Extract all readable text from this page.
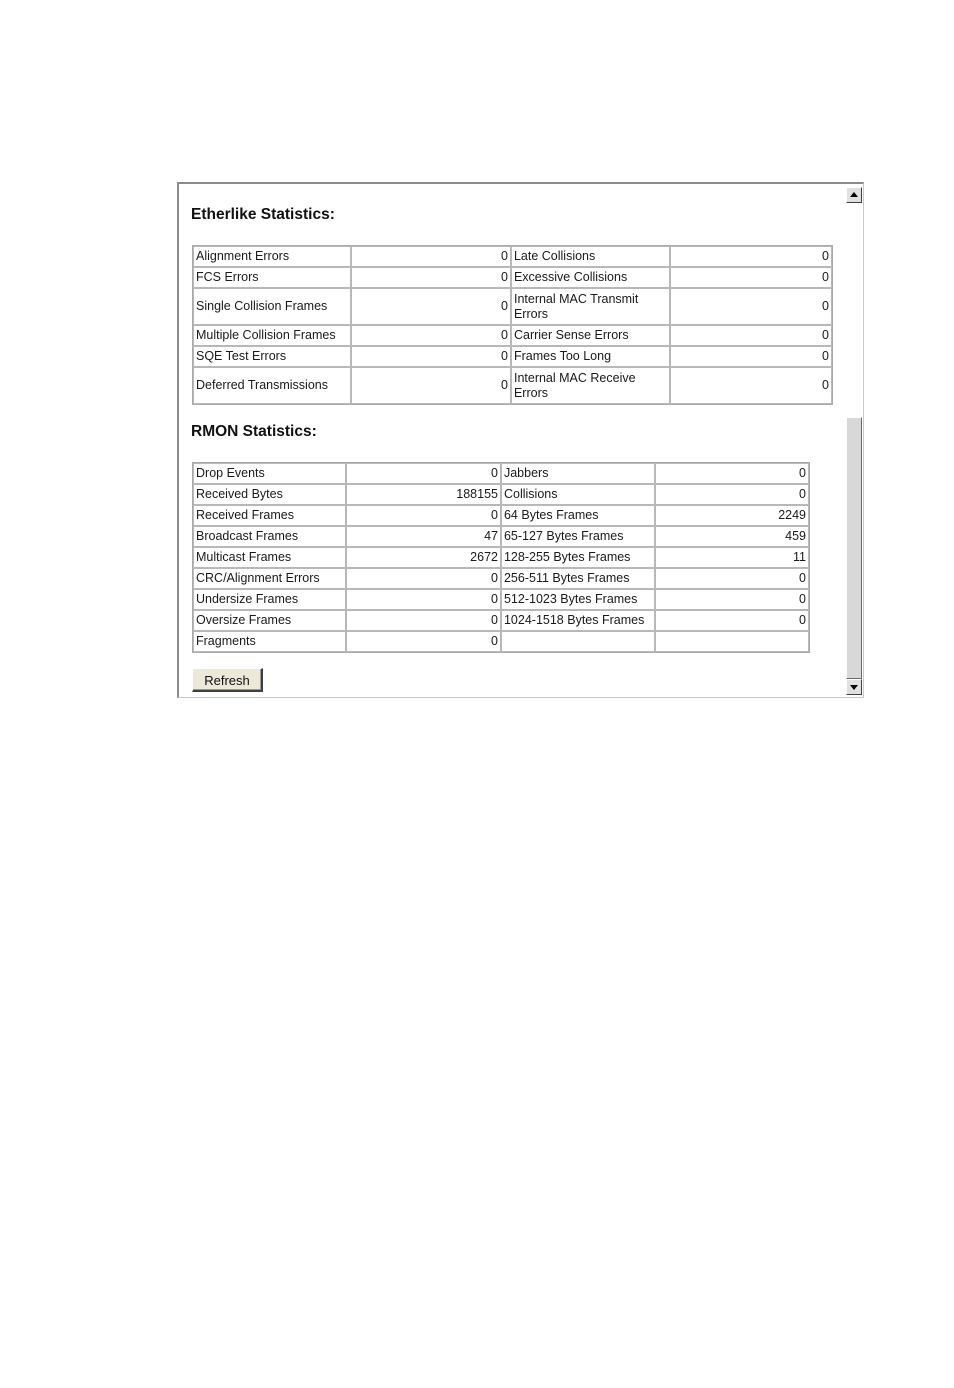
Etherlike Statistics:
Alignment Errors	0	Late Collisions	0
FCS Errors	0	Excessive Collisions	0
Single Collision Frames	0	Internal MAC Transmit Errors	0
Multiple Collision Frames	0	Carrier Sense Errors	0
SQE Test Errors	0	Frames Too Long	0
Deferred Transmissions	0	Internal MAC Receive Errors	0
RMON Statistics:
Drop Events	0	Jabbers	0
Received Bytes	188155	Collisions	0
Received Frames	0	64 Bytes Frames	2249
Broadcast Frames	47	65-127 Bytes Frames	459
Multicast Frames	2672	128-255 Bytes Frames	11
CRC/Alignment Errors	0	256-511 Bytes Frames	0
Undersize Frames	0	512-1023 Bytes Frames	0
Oversize Frames	0	1024-1518 Bytes Frames	0
Fragments	0		
Refresh
